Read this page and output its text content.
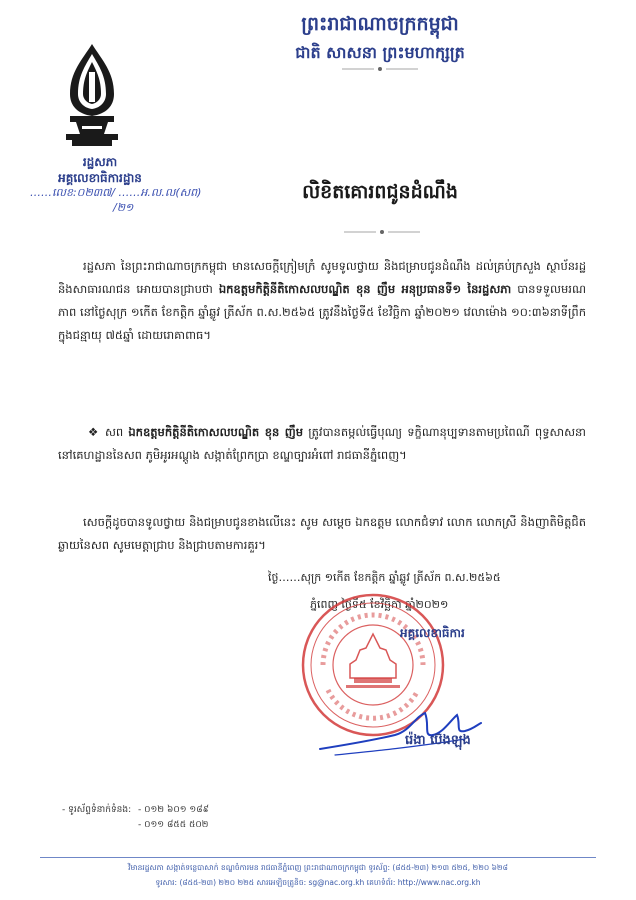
ព្រះរាជាណាចក្រកម្ពុជា
ជាតិ សាសនា ព្រះមហាក្សត្រ
រដ្ឋសភា
អគ្គលេខាធិការដ្ឋាន
……លេខ:០២៣៧/ ……អ.ល.ល(សព)
/២១
លិខិតគោរពជូនដំណឹង
រដ្ឋសភា នៃព្រះរាជាណាចក្រកម្ពុជា មានសេចក្ដីក្រៀមក្រំ សូមទូលថ្វាយ និងជម្រាបជូនដំណឹង ដល់គ្រប់ក្រសួង ស្ថាប័នរដ្ឋ និងសាធារណជន អោយបានជ្រាបថា ឯកឧត្ដមកិត្តិនីតិកោសលបណ្ឌិត ខុន ញឹម អនុប្រធានទី១ នៃរដ្ឋសភា បានទទួលមរណភាព នៅថ្ងៃសុក្រ ១កើត ខែកត្ដិក ឆ្នាំឆ្លូវ ត្រីស័ក ព.ស.២៥៦៥ ត្រូវនឹងថ្ងៃទី៥ ខែវិច្ឆិកា ឆ្នាំ២០២១ វេលាម៉ោង ១០:៣៦នាទីព្រឹក ក្នុងជន្មាយុ ៧៥ឆ្នាំ ដោយរោគាពាធ។
❖ សព ឯកឧត្ដមកិត្តិនីតិកោសលបណ្ឌិត ខុន ញឹម ត្រូវបានតម្កល់ធ្វើបុណ្យ ទក្ខិណានុប្បទានតាមប្រពៃណី ពុទ្ធសាសនា នៅគេហដ្ឋាននៃសព ភូមិអូរអណ្ដូង សង្កាត់ព្រែកប្រា ខណ្ឌច្បារអំពៅ រាជធានីភ្នំពេញ។
សេចក្ដីដូចបានទូលថ្វាយ និងជម្រាបជូនខាងលើនេះ សូម សម្ដេច ឯកឧត្ដម លោកជំទាវ លោក លោកស្រី និងញាតិមិត្តជិតឆ្ងាយនៃសព សូមមេត្តាជ្រាប និងជ្រាបតាមការគួរ។
ថ្ងៃ……សុក្រ ១កើត ខែកត្ដិក ឆ្នាំឆ្លូវ ត្រីស័ក ព.ស.២៥៦៥
ភ្នំពេញ ថ្ងៃទី៥ ខែវិច្ឆិកា ឆ្នាំ២០២១
អគ្គលេខាធិការ
រ៉េងា ប៊េងឡុង
- ទូរស័ព្ទទំនាក់ទំនង: - ០១២ ៦០១ ១៨៩
- ០១១ ៨៥៥ ៥០២
វិមានរដ្ឋសភា សង្កាត់ទន្លេបាសាក់ ខណ្ឌចំការមន រាជធានីភ្នំពេញ ព្រះរាជាណាចក្រកម្ពុជា ទូរស័ព្ទ: (៨៥៥-២៣) ២១៣ ៥២៥, ២២០ ៦២៨
ទូរសារ: (៨៥៥-២៣) ២២០ ២២៥ សារអេឡិចត្រូនិច: sg@nac.org.kh គេហទំព័រ: http://www.nac.org.kh
